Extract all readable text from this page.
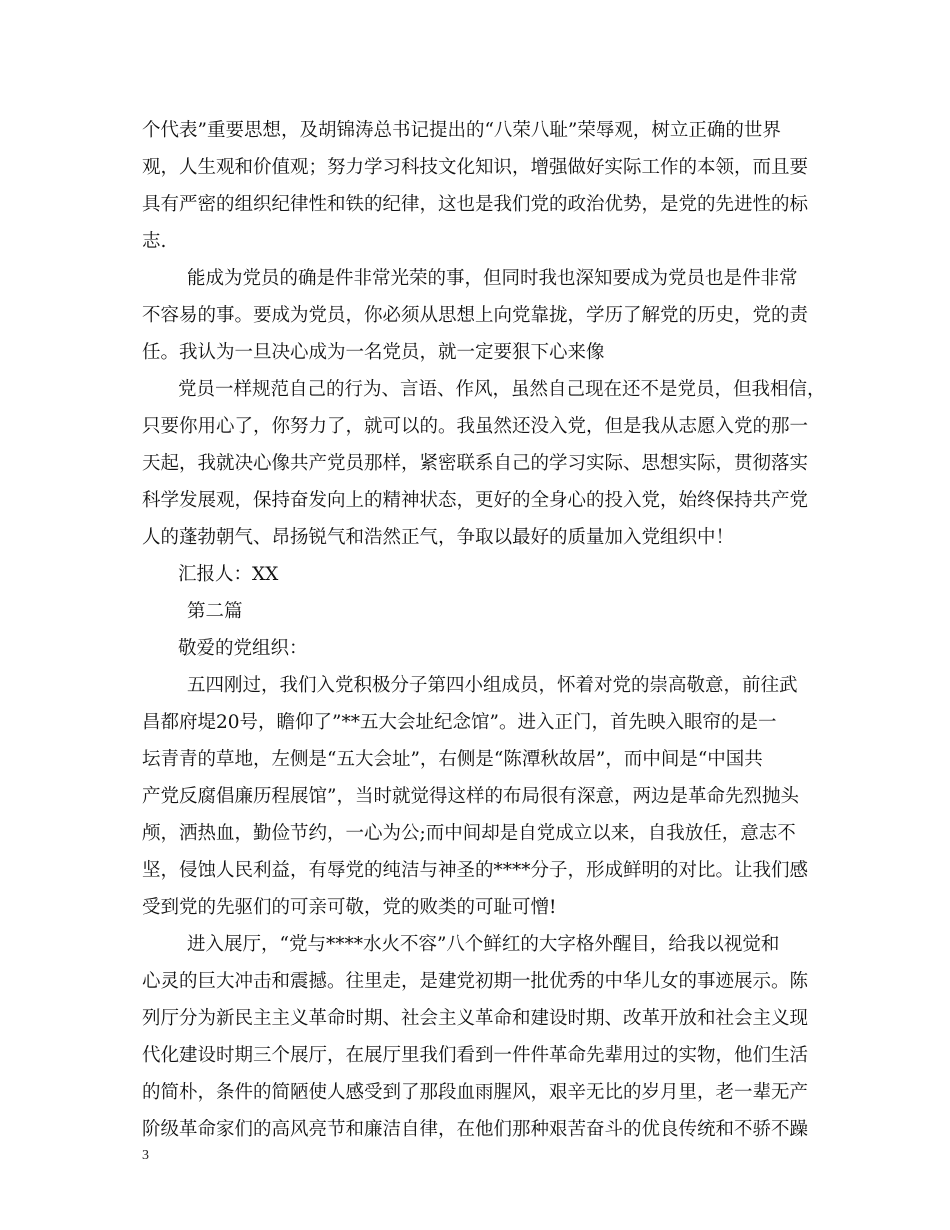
个代表”重要思想，及胡锦涛总书记提出的“八荣八耻”荣辱观，树立正确的世界
观，人生观和价值观；努力学习科技文化知识，增强做好实际工作的本领，而且要
具有严密的组织纪律性和铁的纪律，这也是我们党的政治优势，是党的先进性的标
志.
能成为党员的确是件非常光荣的事，但同时我也深知要成为党员也是件非常
不容易的事。要成为党员，你必须从思想上向党靠拢，学历了解党的历史，党的责
任。我认为一旦决心成为一名党员，就一定要狠下心来像
党员一样规范自己的行为、言语、作风，虽然自己现在还不是党员，但我相信，
只要你用心了，你努力了，就可以的。我虽然还没入党，但是我从志愿入党的那一
天起，我就决心像共产党员那样，紧密联系自己的学习实际、思想实际，贯彻落实
科学发展观，保持奋发向上的精神状态，更好的全身心的投入党，始终保持共产党
人的蓬勃朝气、昂扬锐气和浩然正气，争取以最好的质量加入党组织中！
汇报人：XX
第二篇
敬爱的党组织：
五四刚过，我们入党积极分子第四小组成员，怀着对党的崇高敬意，前往武
昌都府堤20号，瞻仰了”**五大会址纪念馆”。进入正门，首先映入眼帘的是一
坛青青的草地，左侧是“五大会址”，右侧是“陈潭秋故居”，而中间是“中国共
产党反腐倡廉历程展馆”，当时就觉得这样的布局很有深意，两边是革命先烈抛头
颅，洒热血，勤俭节约，一心为公;而中间却是自党成立以来，自我放任，意志不
坚，侵蚀人民利益，有辱党的纯洁与神圣的****分子，形成鲜明的对比。让我们感
受到党的先驱们的可亲可敬，党的败类的可耻可憎!
进入展厅，“党与****水火不容”八个鲜红的大字格外醒目，给我以视觉和
心灵的巨大冲击和震撼。往里走，是建党初期一批优秀的中华儿女的事迹展示。陈
列厅分为新民主主义革命时期、社会主义革命和建设时期、改革开放和社会主义现
代化建设时期三个展厅，在展厅里我们看到一件件革命先辈用过的实物，他们生活
的简朴，条件的简陋使人感受到了那段血雨腥风，艰辛无比的岁月里，老一辈无产
阶级革命家们的高风亮节和廉洁自律，在他们那种艰苦奋斗的优良传统和不骄不躁
3
